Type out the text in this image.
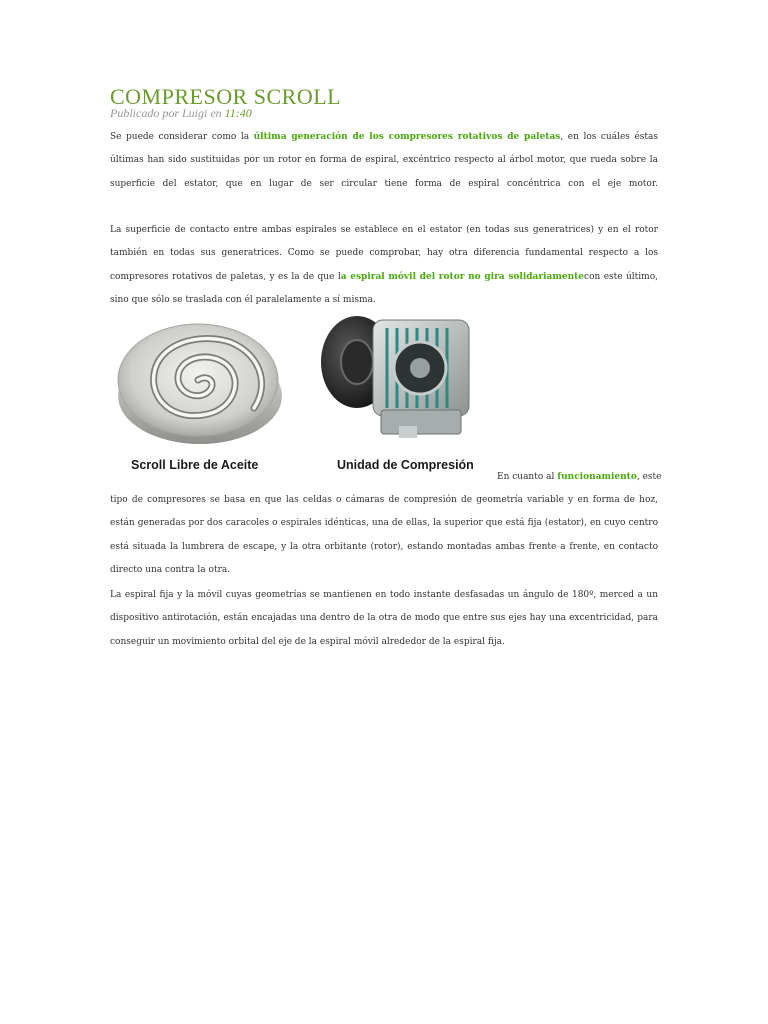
COMPRESOR SCROLL
Publicado por Luigi en 11:40
Se puede considerar como la última generación de los compresores rotativos de paletas, en los cuáles éstas últimas han sido sustituidas por un rotor en forma de espiral, excéntrico respecto al árbol motor, que rueda sobre la superficie del estator, que en lugar de ser circular tiene forma de espiral concéntrica con el eje motor.
La superficie de contacto entre ambas espirales se establece en el estator (en todas sus generatrices) y en el rotor también en todas sus generatrices. Como se puede comprobar, hay otra diferencia fundamental respecto a los compresores rotativos de paletas, y es la de que la espiral móvil del rotor no gira solidariamentecon este último, sino que sólo se traslada con él paralelamente a sí misma.
Scroll Libre de Aceite	Unidad de Compresión
En cuanto al funcionamiento, este
tipo de compresores se basa en que las celdas o cámaras de compresión de geometría variable y en forma de hoz, están generadas por dos caracoles o espirales idénticas, una de ellas, la superior que está fija (estator), en cuyo centro está situada la lumbrera de escape, y la otra orbitante (rotor), estando montadas ambas frente a frente, en contacto directo una contra la otra.
La espiral fija y la móvil cuyas geometrías se mantienen en todo instante desfasadas un ángulo de 180º, merced a un dispositivo antirotación, están encajadas una dentro de la otra de modo que entre sus ejes hay una excentricidad, para conseguir un movimiento orbital del eje de la espiral móvil alrededor de la espiral fija.
